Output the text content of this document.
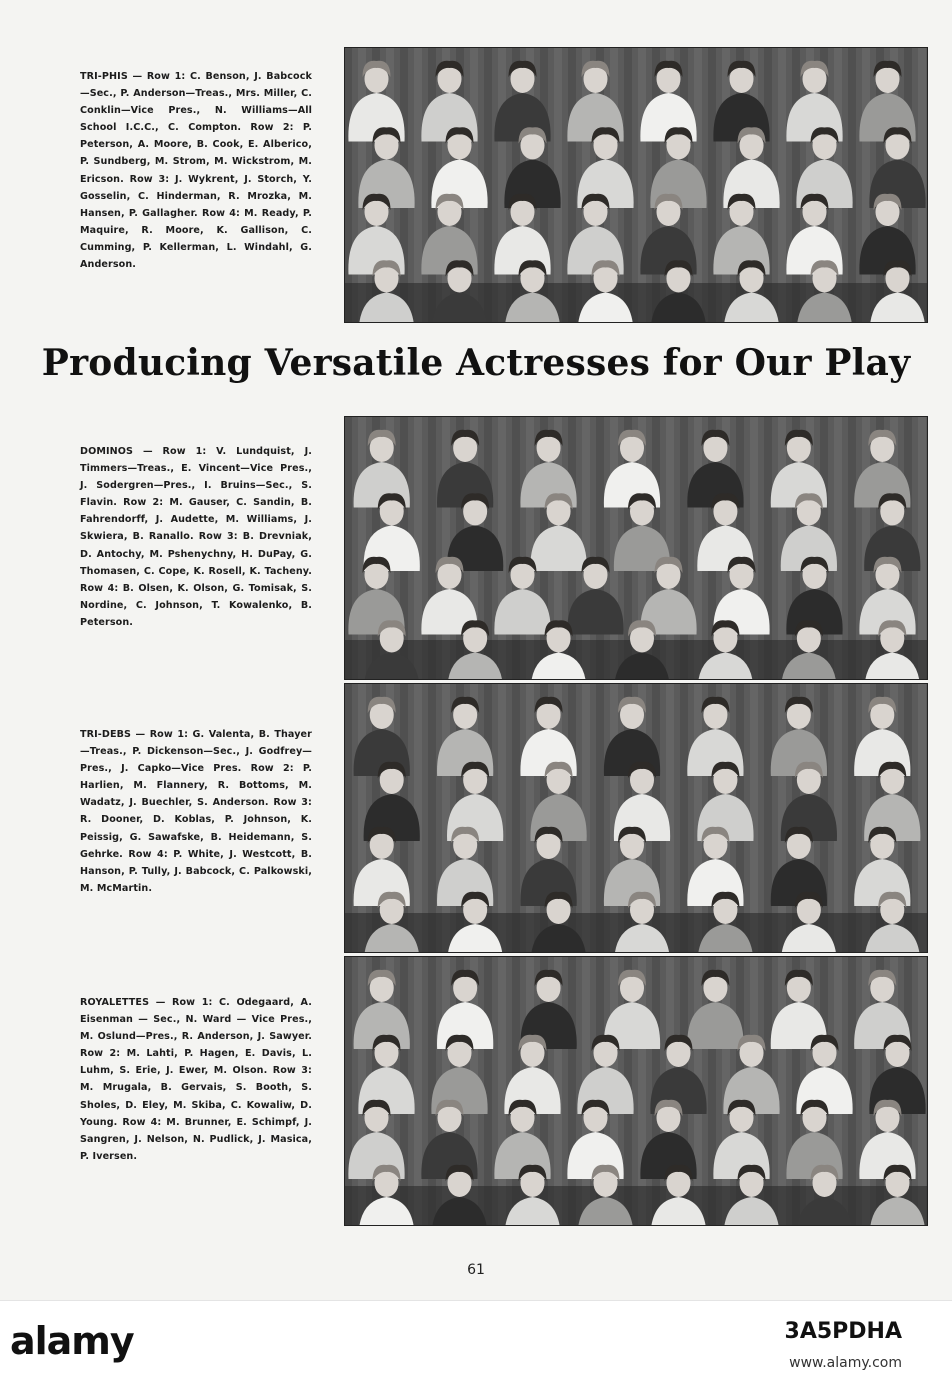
TRI-PHIS — Row 1: C. Benson, J. Babcock—Sec., P. Anderson—Treas., Mrs. Miller, C. Conklin—Vice Pres., N. Williams—All School I.C.C., C. Compton. Row 2: P. Peterson, A. Moore, B. Cook, E. Alberico, P. Sundberg, M. Strom, M. Wickstrom, M. Ericson. Row 3: J. Wykrent, J. Storch, Y. Gosselin, C. Hinderman, R. Mrozka, M. Hansen, P. Gallagher. Row 4: M. Ready, P. Maquire, R. Moore, K. Gallison, C. Cumming, P. Kellerman, L. Windahl, G. Anderson.
Producing Versatile Actresses for Our Play
DOMINOS — Row 1: V. Lundquist, J. Timmers—Treas., E. Vincent—Vice Pres., J. Sodergren—Pres., I. Bruins—Sec., S. Flavin. Row 2: M. Gauser, C. Sandin, B. Fahrendorff, J. Audette, M. Williams, J. Skwiera, B. Ranallo. Row 3: B. Drevniak, D. Antochy, M. Pshenychny, H. DuPay, G. Thomasen, C. Cope, K. Rosell, K. Tacheny. Row 4: B. Olsen, K. Olson, G. Tomisak, S. Nordine, C. Johnson, T. Kowalenko, B. Peterson.
TRI-DEBS — Row 1: G. Valenta, B. Thayer—Treas., P. Dickenson—Sec., J. Godfrey—Pres., J. Capko—Vice Pres. Row 2: P. Harlien, M. Flannery, R. Bottoms, M. Wadatz, J. Buechler, S. Anderson. Row 3: R. Dooner, D. Koblas, P. Johnson, K. Peissig, G. Sawafske, B. Heidemann, S. Gehrke. Row 4: P. White, J. Westcott, B. Hanson, P. Tully, J. Babcock, C. Palkowski, M. McMartin.
ROYALETTES — Row 1: C. Odegaard, A. Eisenman — Sec., N. Ward — Vice Pres., M. Oslund—Pres., R. Anderson, J. Sawyer. Row 2: M. Lahti, P. Hagen, E. Davis, L. Luhm, S. Erie, J. Ewer, M. Olson. Row 3: M. Mrugala, B. Gervais, S. Booth, S. Sholes, D. Eley, M. Skiba, C. Kowaliw, D. Young. Row 4: M. Brunner, E. Schimpf, J. Sangren, J. Nelson, N. Pudlick, J. Masica, P. Iversen.
61
alamy	3A5PDHA
www.alamy.com
